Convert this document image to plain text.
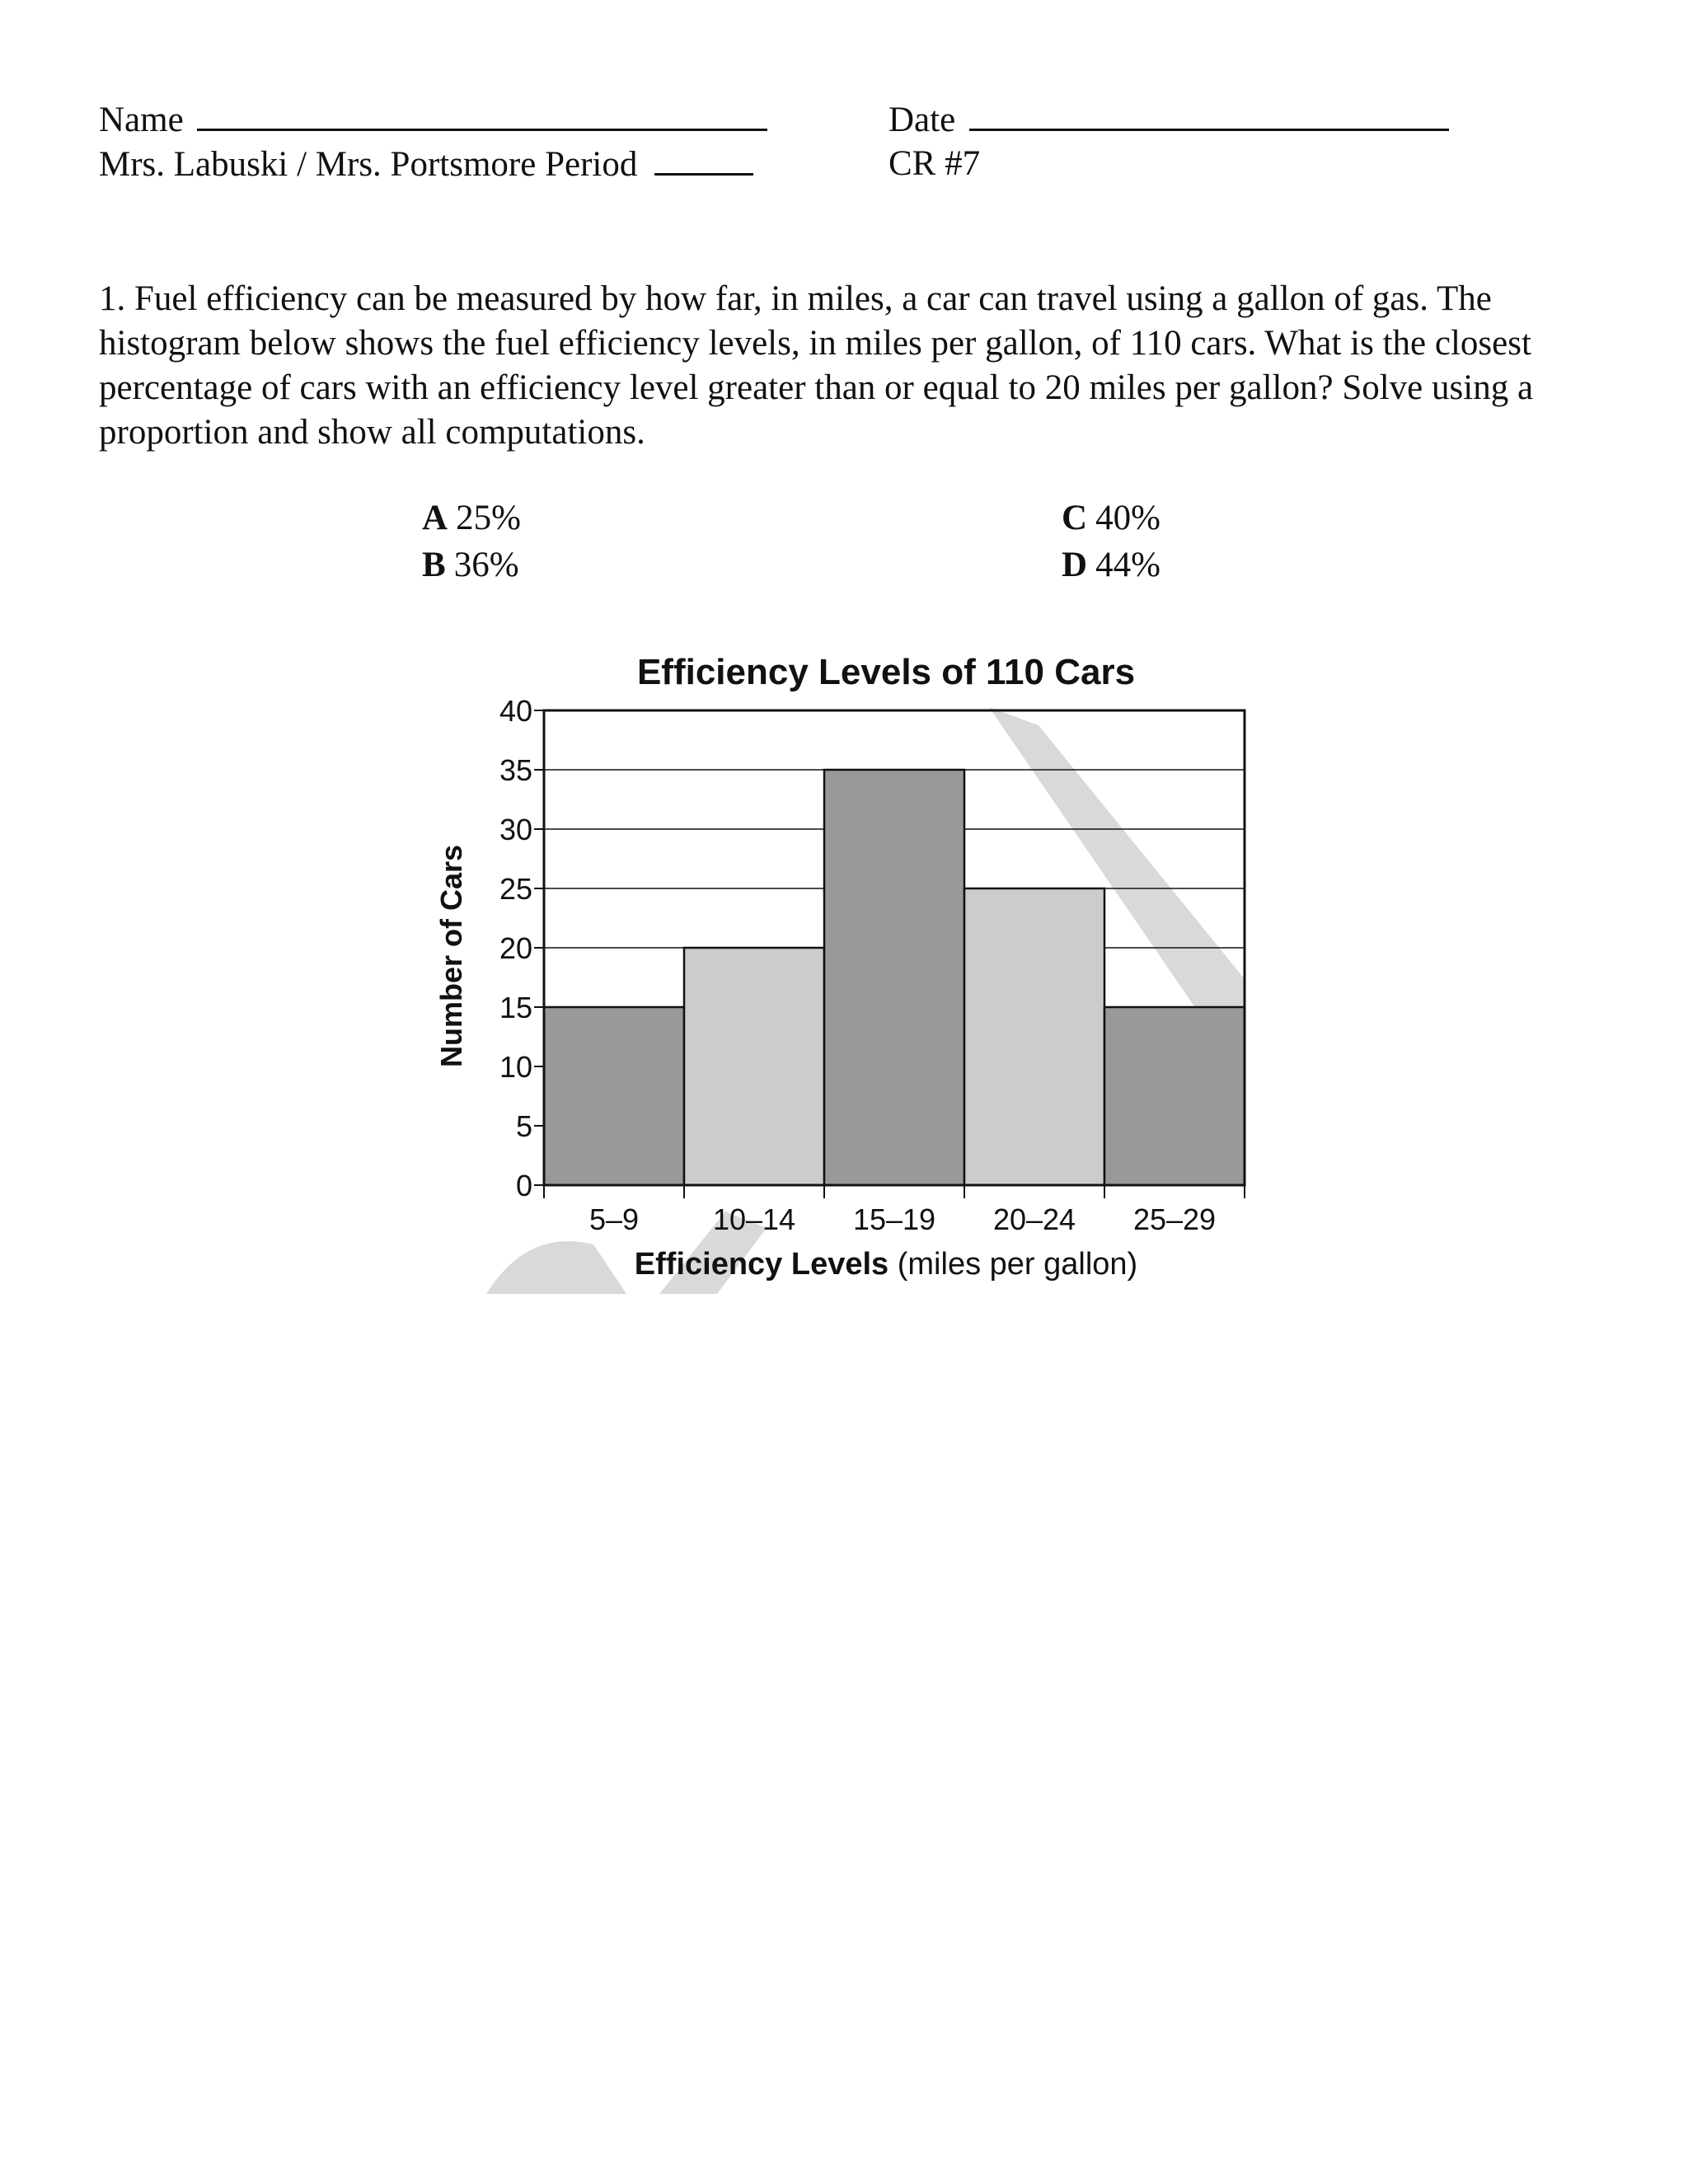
Name
Mrs. Labuski / Mrs. Portsmore Period
Date
CR #7
1. Fuel efficiency can be measured by how far, in miles, a car can travel using a gallon of gas. The histogram below shows the fuel efficiency levels, in miles per gallon, of 110 cars. What is the closest percentage of cars with an efficiency level greater than or equal to 20 miles per gallon? Solve using a proportion and show all computations.
A 25%
B 36%
C 40%
D 44%
0
5
10
15
20
25
30
35
40
5–9 10–14 15–19 20–24 25–29
Efficiency Levels of 110 Cars
Number of Cars
Efficiency Levels (miles per gallon)
